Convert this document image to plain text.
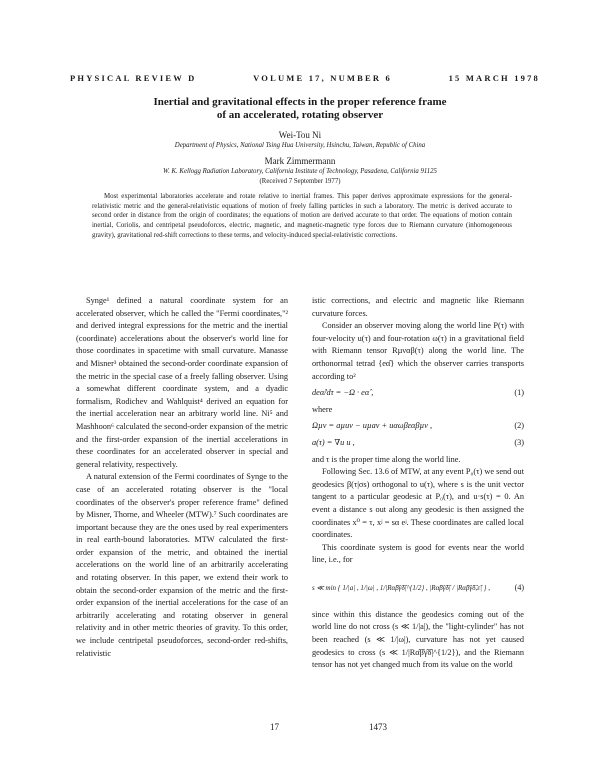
PHYSICAL REVIEW D	VOLUME 17, NUMBER 6	15 MARCH 1978
Inertial and gravitational effects in the proper reference frame
of an accelerated, rotating observer
Wei-Tou Ni
Department of Physics, National Tsing Hua University, Hsinchu, Taiwan, Republic of China
Mark Zimmermann
W. K. Kellogg Radiation Laboratory, California Institute of Technology, Pasadena, California 91125
(Received 7 September 1977)

Most experimental laboratories accelerate and rotate relative to inertial frames. This paper derives approximate expressions for the general-relativistic metric and the general-relativistic equations of motion of freely falling particles in such a laboratory. The metric is derived accurate to second order in distance from the origin of coordinates; the equations of motion are derived accurate to that order. The equations of motion contain inertial, Coriolis, and centripetal pseudoforces, electric, magnetic, and magnetic-magnetic type forces due to Riemann curvature (inhomogeneous gravity), gravitational red-shift corrections to these terms, and velocity-induced special-relativistic corrections.

Synge¹ defined a natural coordinate system for an accelerated observer, which he called the "Fermi coordinates,"² and derived integral expressions for the metric and the inertial (coordinate) accelerations about the observer's world line for those coordinates in spacetime with small curvature. Manasse and Misner³ obtained the second-order coordinate expansion of the metric in the special case of a freely falling observer. Using a somewhat different coordinate system, and a dyadic formalism, Rodichev and Wahlquist⁴ derived an equation for the inertial acceleration near an arbitrary world line. Ni⁵ and Mashhoon⁶ calculated the second-order expansion of the metric and the first-order expansion of the inertial accelerations in these coordinates for an accelerated observer in special and general relativity, respectively.

A natural extension of the Fermi coordinates of Synge to the case of an accelerated rotating observer is the "local coordinates of the observer's proper reference frame" defined by Misner, Thorne, and Wheeler (MTW).⁷ Such coordinates are important because they are the ones used by real experimenters in real earth-bound laboratories. MTW calculated the first-order expansion of the metric, and obtained the inertial accelerations on the world line of an arbitrarily accelerating and rotating observer. In this paper, we extend their work to obtain the second-order expansion of the metric and the first-order expansion of the inertial accelerations for the case of an arbitrarily accelerating and rotating observer in general relativity and in other metric theories of gravity. To this order, we include centripetal pseudoforces, second-order red-shifts, relativistic

istic corrections, and electric and magnetic like Riemann curvature forces.

Consider an observer moving along the world line P(τ) with four-velocity u(τ) and four-rotation ω(τ) in a gravitational field with Riemann tensor Rµναβ(τ) along the world line. The orthonormal tetrad {eα̂} which the observer carries transports according to²

deα̂/dτ = −Ω · eα̂ ,	(1)

where

Ωµν = aµuν − uµaν + uαωβεαβµν ,	(2)
a(τ) = ∇u u ,	(3)

and τ is the proper time along the world line.

Following Sec. 13.6 of MTW, at any event P₀(τ) we send out geodesics β(τ|σs) orthogonal to u(τ), where s is the unit vector tangent to a particular geodesic at P₀(τ), and u·s(τ) = 0. An event a distance s out along any geodesic is then assigned the coordinates x⁰ = τ, xʲ = sα eʲ. These coordinates are called local coordinates.

This coordinate system is good for events near the world line, i.e., for

s ≪ min { 1/|a| , 1/|ω| , 1/|Rα̂β̂γ̂δ̂|^{1/2} , |Rα̂β̂γ̂δ̂| / |Rα̂β̂γ̂δ̂,ε̂| } ,	(4)

since within this distance the geodesics coming out of the world line do not cross (s ≪ 1/|a|), the "light-cylinder" has not been reached (s ≪ 1/|ω|), curvature has not yet caused geodesics to cross (s ≪ 1/|Rα̂β̂γ̂δ̂|^{1/2}), and the Riemann tensor has not yet changed much from its value on the world

17	1473
